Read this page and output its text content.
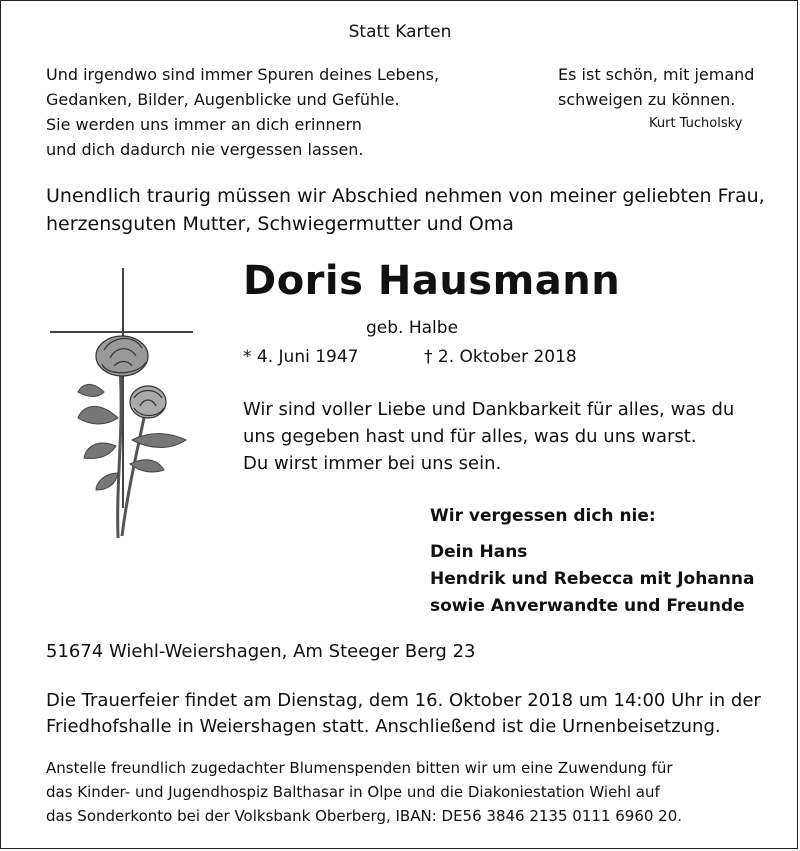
Statt Karten
Und irgendwo sind immer Spuren deines Lebens,
Gedanken, Bilder, Augenblicke und Gefühle.
Sie werden uns immer an dich erinnern
und dich dadurch nie vergessen lassen.
Es ist schön, mit jemand
schweigen zu können.
Kurt Tucholsky
Unendlich traurig müssen wir Abschied nehmen von meiner geliebten Frau,
herzensguten Mutter, Schwiegermutter und Oma
Doris Hausmann
geb. Halbe
* 4. Juni 1947	† 2. Oktober 2018
Wir sind voller Liebe und Dankbarkeit für alles, was du
uns gegeben hast und für alles, was du uns warst.
Du wirst immer bei uns sein.
Wir vergessen dich nie:
Dein Hans
Hendrik und Rebecca mit Johanna
sowie Anverwandte und Freunde
51674 Wiehl-Weiershagen, Am Steeger Berg 23
Die Trauerfeier findet am Dienstag, dem 16. Oktober 2018 um 14:00 Uhr in der
Friedhofshalle in Weiershagen statt. Anschließend ist die Urnenbeisetzung.
Anstelle freundlich zugedachter Blumenspenden bitten wir um eine Zuwendung für
das Kinder- und Jugendhospiz Balthasar in Olpe und die Diakoniestation Wiehl auf
das Sonderkonto bei der Volksbank Oberberg, IBAN: DE56 3846 2135 0111 6960 20.
